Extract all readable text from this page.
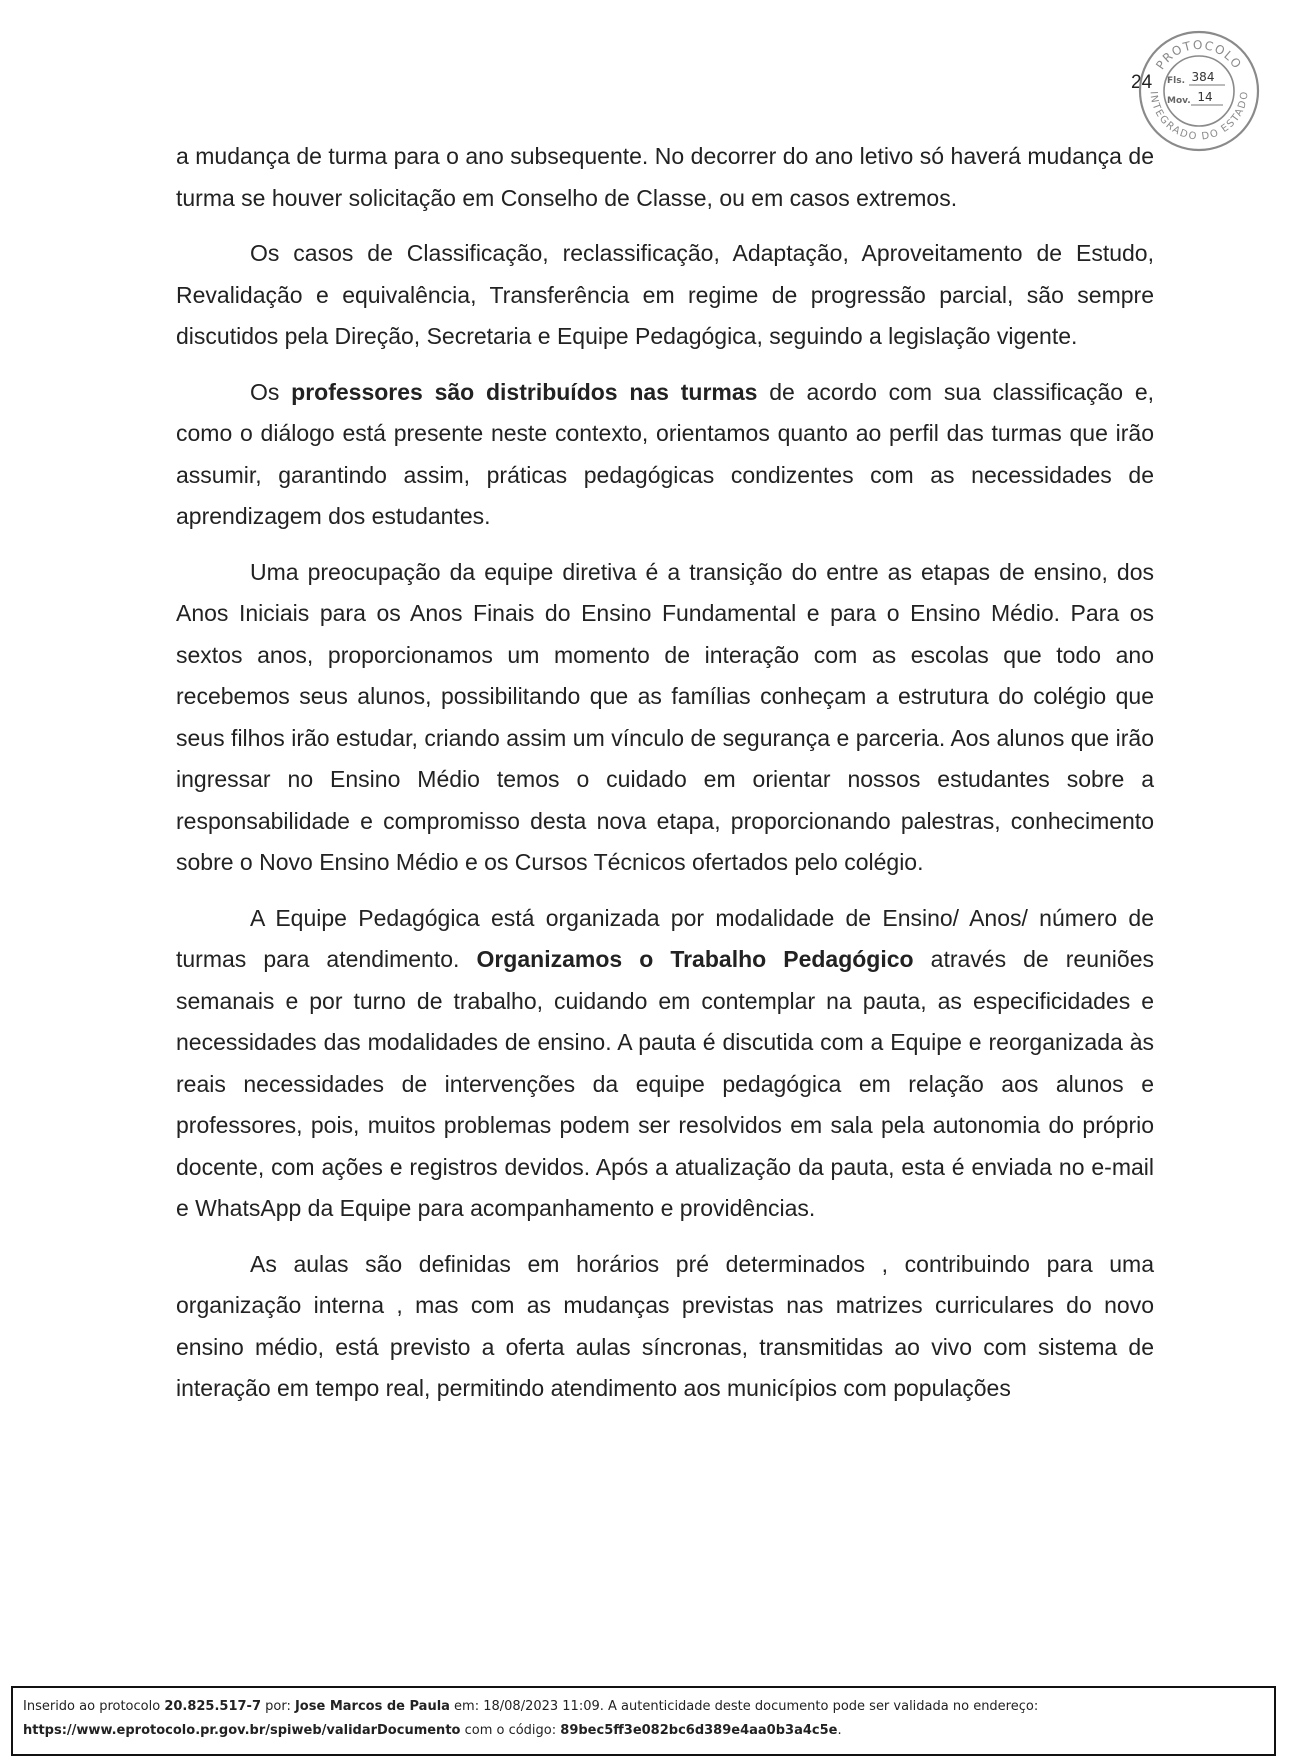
24
PROTOCOLO
INTEGRADO DO ESTADO
Fls. 384
Mov. 14

a mudança de turma para o ano subsequente. No decorrer do ano letivo só haverá mudança de turma se houver solicitação em Conselho de Classe, ou em casos extremos.

Os casos de Classificação, reclassificação, Adaptação, Aproveitamento de Estudo, Revalidação e equivalência, Transferência em regime de progressão parcial, são sempre discutidos pela Direção, Secretaria e Equipe Pedagógica, seguindo a legislação vigente.

Os professores são distribuídos nas turmas de acordo com sua classificação e, como o diálogo está presente neste contexto, orientamos quanto ao perfil das turmas que irão assumir, garantindo assim, práticas pedagógicas condizentes com as necessidades de aprendizagem dos estudantes.

Uma preocupação da equipe diretiva é a transição do entre as etapas de ensino, dos Anos Iniciais para os Anos Finais do Ensino Fundamental e para o Ensino Médio. Para os sextos anos, proporcionamos um momento de interação com as escolas que todo ano recebemos seus alunos, possibilitando que as famílias conheçam a estrutura do colégio que seus filhos irão estudar, criando assim um vínculo de segurança e parceria. Aos alunos que irão ingressar no Ensino Médio temos o cuidado em orientar nossos estudantes sobre a responsabilidade e compromisso desta nova etapa, proporcionando palestras, conhecimento sobre o Novo Ensino Médio e os Cursos Técnicos ofertados pelo colégio.

A Equipe Pedagógica está organizada por modalidade de Ensino/ Anos/ número de turmas para atendimento. Organizamos o Trabalho Pedagógico através de reuniões semanais e por turno de trabalho, cuidando em contemplar na pauta, as especificidades e necessidades das modalidades de ensino. A pauta é discutida com a Equipe e reorganizada às reais necessidades de intervenções da equipe pedagógica em relação aos alunos e professores, pois, muitos problemas podem ser resolvidos em sala pela autonomia do próprio docente, com ações e registros devidos. Após a atualização da pauta, esta é enviada no e-mail e WhatsApp da Equipe para acompanhamento e providências.

As aulas são definidas em horários pré determinados , contribuindo para uma organização interna , mas com as mudanças previstas nas matrizes curriculares do novo ensino médio, está previsto a oferta aulas síncronas, transmitidas ao vivo com sistema de interação em tempo real, permitindo atendimento aos municípios com populações

Inserido ao protocolo 20.825.517-7 por: Jose Marcos de Paula em: 18/08/2023 11:09. A autenticidade deste documento pode ser validada no endereço:
https://www.eprotocolo.pr.gov.br/spiweb/validarDocumento com o código: 89bec5ff3e082bc6d389e4aa0b3a4c5e.
